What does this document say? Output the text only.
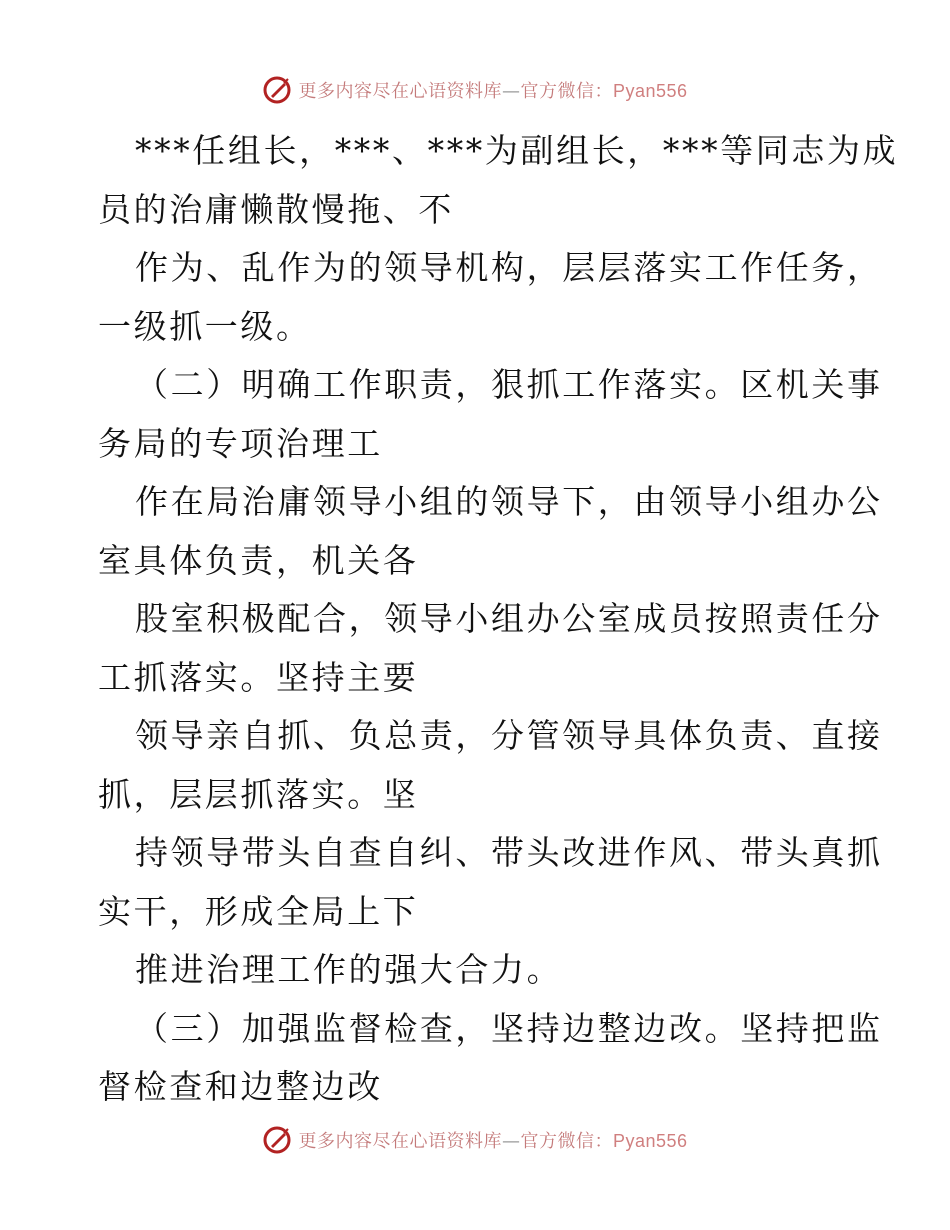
更多内容尽在心语资料库—官方微信：Pyan556
***任组长，***、***为副组长，***等同志为成
员的治庸懒散慢拖、不
作为、乱作为的领导机构，层层落实工作任务，
一级抓一级。
（二）明确工作职责，狠抓工作落实。区机关事
务局的专项治理工
作在局治庸领导小组的领导下，由领导小组办公
室具体负责，机关各
股室积极配合，领导小组办公室成员按照责任分
工抓落实。坚持主要
领导亲自抓、负总责，分管领导具体负责、直接
抓，层层抓落实。坚
持领导带头自查自纠、带头改进作风、带头真抓
实干，形成全局上下
推进治理工作的强大合力。
（三）加强监督检查，坚持边整边改。坚持把监
督检查和边整边改
更多内容尽在心语资料库—官方微信：Pyan556
